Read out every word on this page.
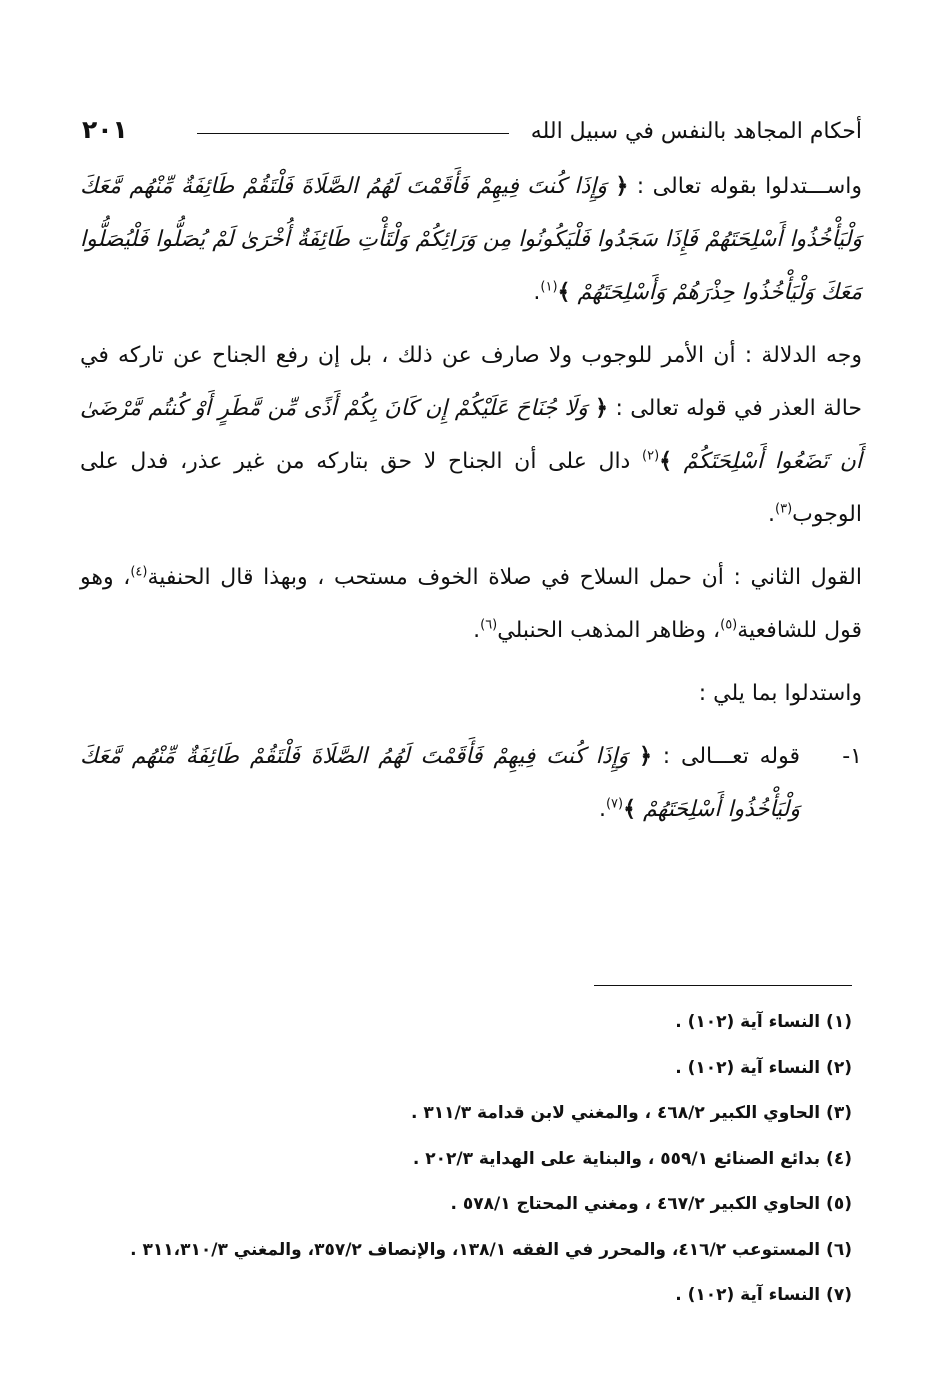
أحكام المجاهد بالنفس في سبيل الله
٢٠١

واســـتدلوا بقوله تعالى : ﴿ وَإِذَا كُنتَ فِيهِمْ فَأَقَمْتَ لَهُمُ الصَّلَاةَ فَلْتَقُمْ طَائِفَةٌ مِّنْهُم مَّعَكَ وَلْيَأْخُذُوا أَسْلِحَتَهُمْ فَإِذَا سَجَدُوا فَلْيَكُونُوا مِن وَرَائِكُمْ وَلْتَأْتِ طَائِفَةٌ أُخْرَىٰ لَمْ يُصَلُّوا فَلْيُصَلُّوا مَعَكَ وَلْيَأْخُذُوا حِذْرَهُمْ وَأَسْلِحَتَهُمْ ﴾$^{(١)}$.

وجه الدلالة : أن الأمر للوجوب ولا صارف عن ذلك ، بل إن رفع الجناح عن تاركه في حالة العذر في قوله تعالى : ﴿ وَلَا جُنَاحَ عَلَيْكُمْ إِن كَانَ بِكُمْ أَذًى مِّن مَّطَرٍ أَوْ كُنتُم مَّرْضَىٰ أَن تَضَعُوا أَسْلِحَتَكُمْ ﴾$^{(٢)}$ دال على أن الجناح لا حق بتاركه من غير عذر، فدل على الوجوب$^{(٣)}$.

القول الثاني : أن حمل السلاح في صلاة الخوف مستحب ، وبهذا قال الحنفية$^{(٤)}$، وهو قول للشافعية$^{(٥)}$، وظاهر المذهب الحنبلي$^{(٦)}$.

واستدلوا بما يلي :

١-
قوله تعـــالى : ﴿ وَإِذَا كُنتَ فِيهِمْ فَأَقَمْتَ لَهُمُ الصَّلَاةَ فَلْتَقُمْ طَائِفَةٌ مِّنْهُم مَّعَكَ وَلْيَأْخُذُوا أَسْلِحَتَهُمْ ﴾$^{(٧)}$.
(١) النساء آية (١٠٢) .
(٢) النساء آية (١٠٢) .
(٣) الحاوي الكبير ٤٦٨/٢ ، والمغني لابن قدامة ٣١١/٣ .
(٤) بدائع الصنائع ٥٥٩/١ ، والبناية على الهداية ٢٠٢/٣ .
(٥) الحاوي الكبير ٤٦٧/٢ ، ومغني المحتاج ٥٧٨/١ .
(٦) المستوعب ٤١٦/٢، والمحرر في الفقه ١٣٨/١، والإنصاف ٣٥٧/٢، والمغني ٣١١،٣١٠/٣ .
(٧) النساء آية (١٠٢) .
